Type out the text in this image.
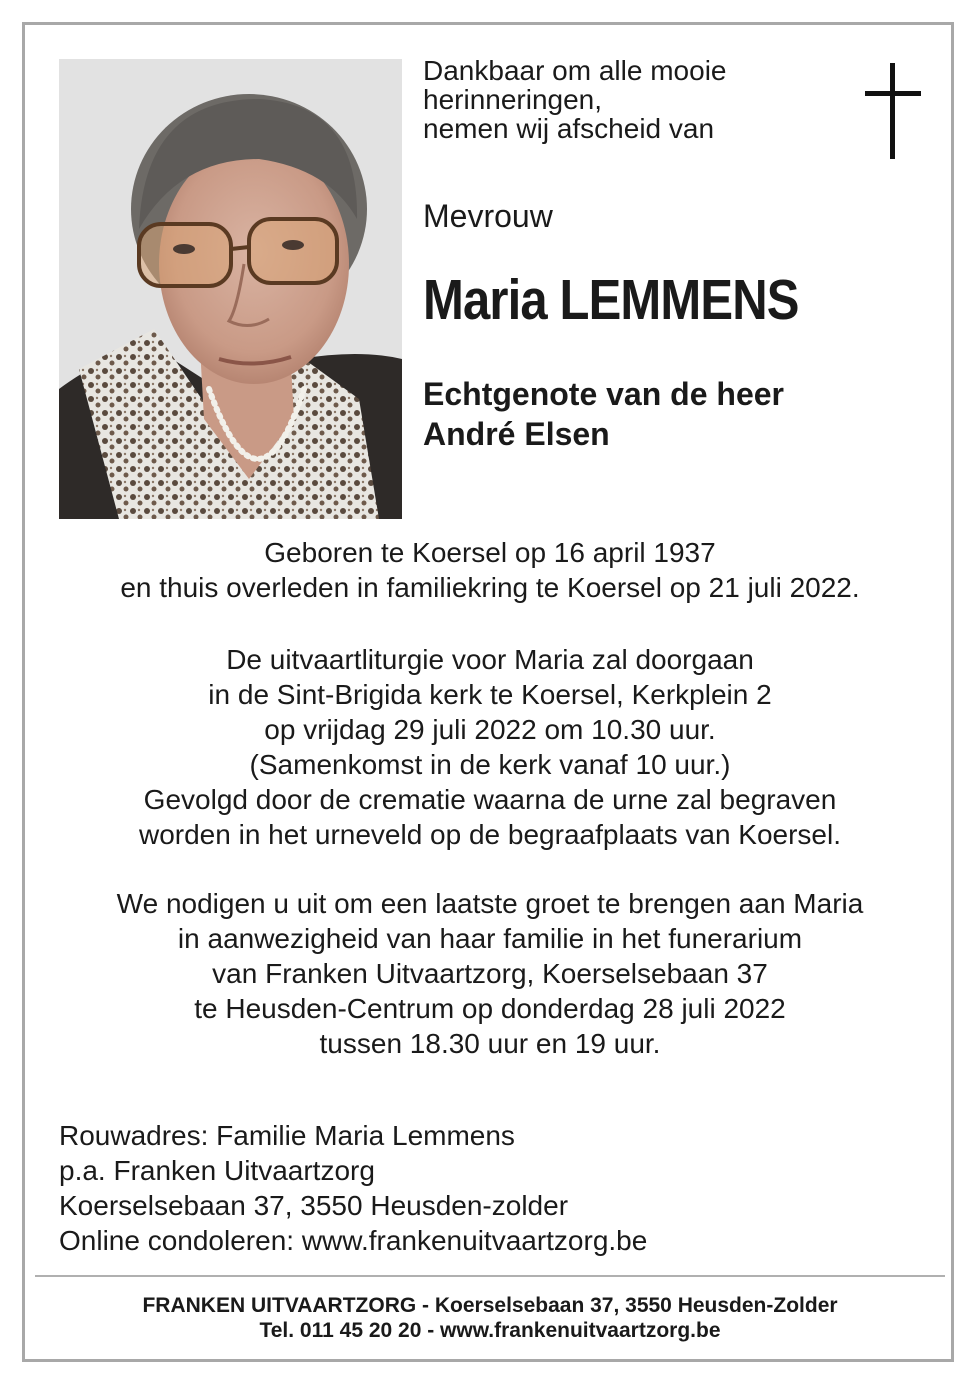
Dankbaar om alle mooie
herinneringen,
nemen wij afscheid van

Mevrouw

Maria LEMMENS

Echtgenote van de heer
André Elsen
Geboren te Koersel op 16 april 1937
en thuis overleden in familiekring te Koersel op 21 juli 2022.
De uitvaartliturgie voor Maria zal doorgaan
in de Sint-Brigida kerk te Koersel, Kerkplein 2
op vrijdag 29 juli 2022 om 10.30 uur.
(Samenkomst in de kerk vanaf 10 uur.)
Gevolgd door de crematie waarna de urne zal begraven
worden in het urneveld op de begraafplaats van Koersel.
We nodigen u uit om een laatste groet te brengen aan Maria
in aanwezigheid van haar familie in het funerarium
van Franken Uitvaartzorg, Koerselsebaan 37
te Heusden-Centrum op donderdag 28 juli 2022
tussen 18.30 uur en 19 uur.
Rouwadres: Familie Maria Lemmens
p.a. Franken Uitvaartzorg
Koerselsebaan 37, 3550 Heusden-zolder
Online condoleren: www.frankenuitvaartzorg.be
FRANKEN UITVAARTZORG - Koerselsebaan 37, 3550 Heusden-Zolder
Tel. 011 45 20 20 - www.frankenuitvaartzorg.be
